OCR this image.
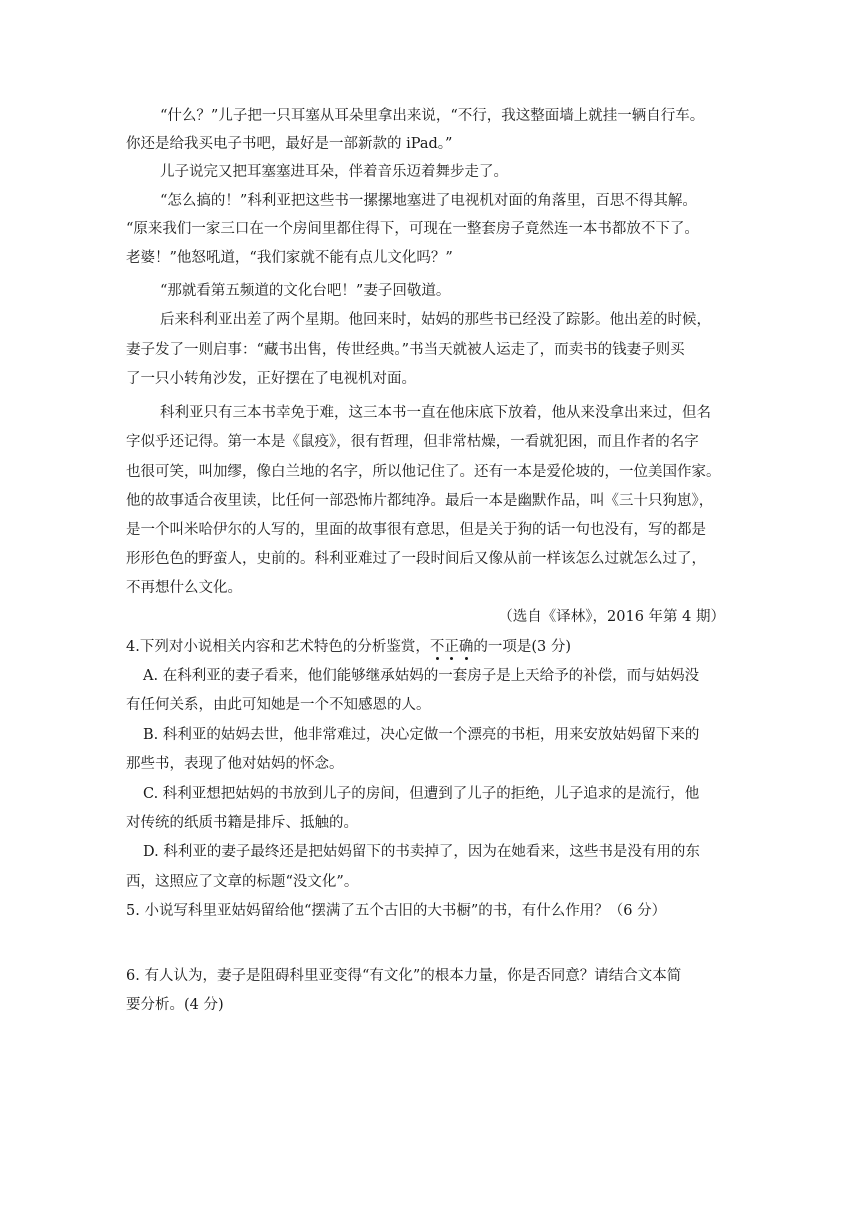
“什么？”儿子把一只耳塞从耳朵里拿出来说，“不行，我这整面墙上就挂一辆自行车。
你还是给我买电子书吧，最好是一部新款的 iPad。”
儿子说完又把耳塞塞进耳朵，伴着音乐迈着舞步走了。
“怎么搞的！”科利亚把这些书一摞摞地塞进了电视机对面的角落里，百思不得其解。
“原来我们一家三口在一个房间里都住得下，可现在一整套房子竟然连一本书都放不下了。
老婆！”他怒吼道，“我们家就不能有点儿文化吗？”
“那就看第五频道的文化台吧！”妻子回敬道。
后来科利亚出差了两个星期。他回来时，姑妈的那些书已经没了踪影。他出差的时候，
妻子发了一则启事：“藏书出售，传世经典。”书当天就被人运走了，而卖书的钱妻子则买
了一只小转角沙发，正好摆在了电视机对面。
科利亚只有三本书幸免于难，这三本书一直在他床底下放着，他从来没拿出来过，但名
字似乎还记得。第一本是《鼠疫》，很有哲理，但非常枯燥，一看就犯困，而且作者的名字
也很可笑，叫加缪，像白兰地的名字，所以他记住了。还有一本是爱伦坡的，一位美国作家。
他的故事适合夜里读，比任何一部恐怖片都纯净。最后一本是幽默作品，叫《三十只狗崽》，
是一个叫米哈伊尔的人写的，里面的故事很有意思，但是关于狗的话一句也没有，写的都是
形形色色的野蛮人，史前的。科利亚难过了一段时间后又像从前一样该怎么过就怎么过了，
不再想什么文化。
（选自《译林》，2016 年第 4 期）
4.下列对小说相关内容和艺术特色的分析鉴赏，不正确的一项是(3 分)
A. 在科利亚的妻子看来，他们能够继承姑妈的一套房子是上天给予的补偿，而与姑妈没
有任何关系，由此可知她是一个不知感恩的人。
B. 科利亚的姑妈去世，他非常难过，决心定做一个漂亮的书柜，用来安放姑妈留下来的
那些书，表现了他对姑妈的怀念。
C. 科利亚想把姑妈的书放到儿子的房间，但遭到了儿子的拒绝，儿子追求的是流行，他
对传统的纸质书籍是排斥、抵触的。
D. 科利亚的妻子最终还是把姑妈留下的书卖掉了，因为在她看来，这些书是没有用的东
西，这照应了文章的标题“没文化”。
5. 小说写科里亚姑妈留给他“摆满了五个古旧的大书橱”的书，有什么作用？（6 分）
6. 有人认为，妻子是阻碍科里亚变得“有文化”的根本力量，你是否同意？请结合文本简
要分析。(4 分)
